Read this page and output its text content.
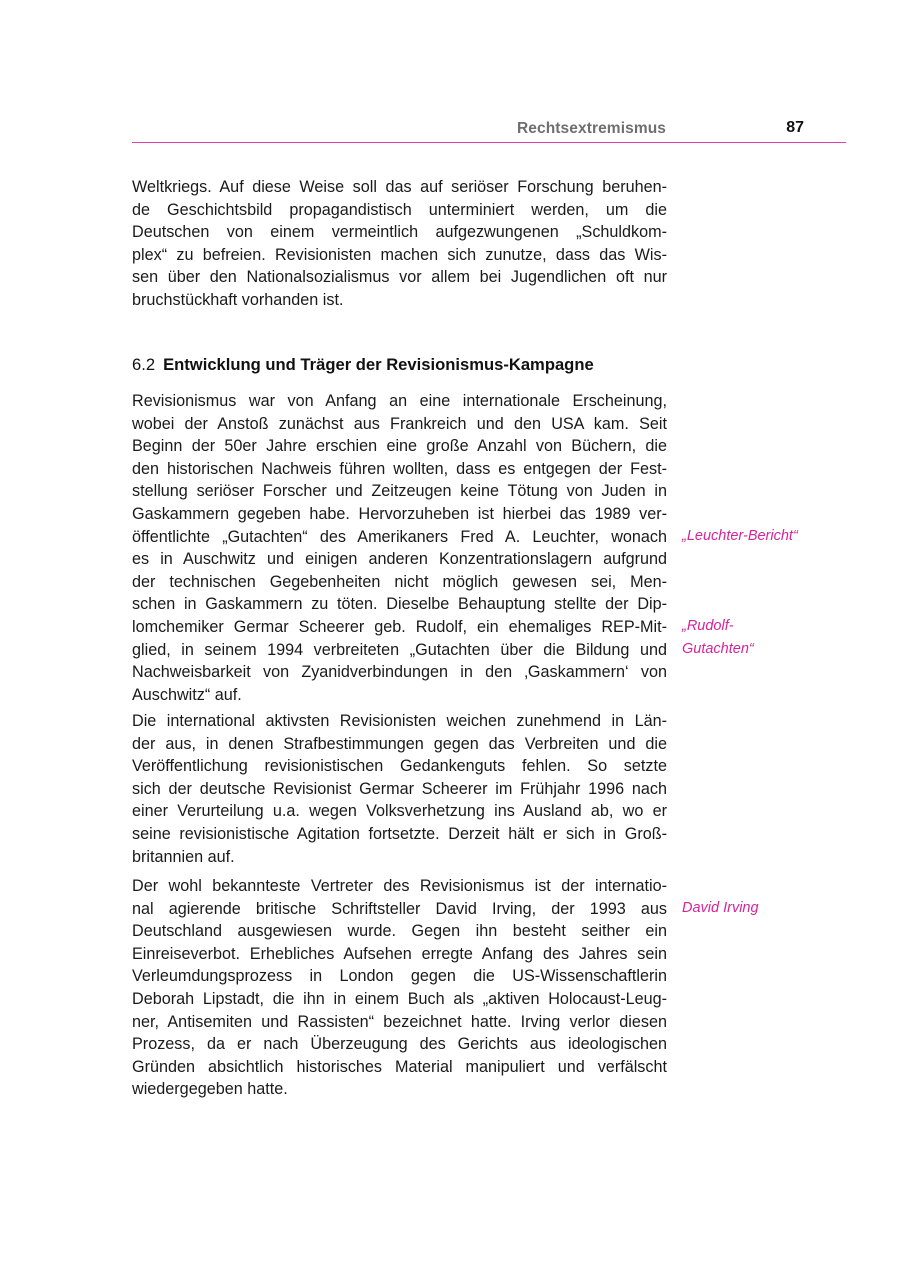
Rechtsextremismus	87

Weltkriegs. Auf diese Weise soll das auf seriöser Forschung beruhen-
de Geschichtsbild propagandistisch unterminiert werden, um die
Deutschen von einem vermeintlich aufgezwungenen „Schuldkom-
plex“ zu befreien. Revisionisten machen sich zunutze, dass das Wis-
sen über den Nationalsozialismus vor allem bei Jugendlichen oft nur
bruchstückhaft vorhanden ist.

6.2 Entwicklung und Träger der Revisionismus-Kampagne

Revisionismus war von Anfang an eine internationale Erscheinung,
wobei der Anstoß zunächst aus Frankreich und den USA kam. Seit
Beginn der 50er Jahre erschien eine große Anzahl von Büchern, die
den historischen Nachweis führen wollten, dass es entgegen der Fest-
stellung seriöser Forscher und Zeitzeugen keine Tötung von Juden in
Gaskammern gegeben habe. Hervorzuheben ist hierbei das 1989 ver-
öffentlichte „Gutachten“ des Amerikaners Fred A. Leuchter, wonach
es in Auschwitz und einigen anderen Konzentrationslagern aufgrund
der technischen Gegebenheiten nicht möglich gewesen sei, Men-
schen in Gaskammern zu töten. Dieselbe Behauptung stellte der Dip-
lomchemiker Germar Scheerer geb. Rudolf, ein ehemaliges REP-Mit-
glied, in seinem 1994 verbreiteten „Gutachten über die Bildung und
Nachweisbarkeit von Zyanidverbindungen in den ‚Gaskammern‘ von
Auschwitz“ auf.

Die international aktivsten Revisionisten weichen zunehmend in Län-
der aus, in denen Strafbestimmungen gegen das Verbreiten und die
Veröffentlichung revisionistischen Gedankenguts fehlen. So setzte
sich der deutsche Revisionist Germar Scheerer im Frühjahr 1996 nach
einer Verurteilung u.a. wegen Volksverhetzung ins Ausland ab, wo er
seine revisionistische Agitation fortsetzte. Derzeit hält er sich in Groß-
britannien auf.

Der wohl bekannteste Vertreter des Revisionismus ist der internatio-
nal agierende britische Schriftsteller David Irving, der 1993 aus
Deutschland ausgewiesen wurde. Gegen ihn besteht seither ein
Einreiseverbot. Erhebliches Aufsehen erregte Anfang des Jahres sein
Verleumdungsprozess in London gegen die US-Wissenschaftlerin
Deborah Lipstadt, die ihn in einem Buch als „aktiven Holocaust-Leug-
ner, Antisemiten und Rassisten“ bezeichnet hatte. Irving verlor diesen
Prozess, da er nach Überzeugung des Gerichts aus ideologischen
Gründen absichtlich historisches Material manipuliert und verfälscht
wiedergegeben hatte.

„Leuchter-Bericht“
„Rudolf-
Gutachten“
David Irving
